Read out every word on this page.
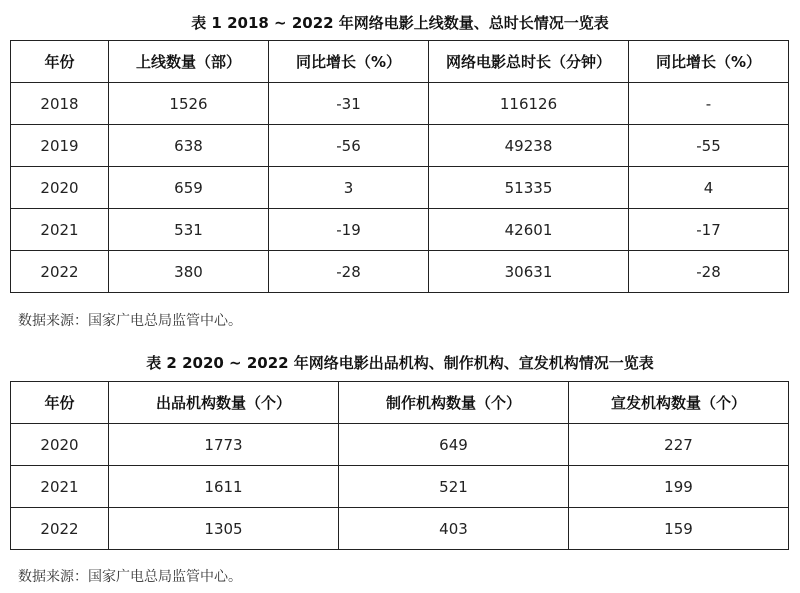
表 1 2018 ~ 2022 年网络电影上线数量、总时长情况一览表
年份	上线数量（部）	同比增长（%）	网络电影总时长（分钟）	同比增长（%）
2018	1526	-31	116126	-
2019	638	-56	49238	-55
2020	659	3	51335	4
2021	531	-19	42601	-17
2022	380	-28	30631	-28
数据来源：国家广电总局监管中心。
表 2 2020 ~ 2022 年网络电影出品机构、制作机构、宣发机构情况一览表
年份	出品机构数量（个）	制作机构数量（个）	宣发机构数量（个）
2020	1773	649	227
2021	1611	521	199
2022	1305	403	159
数据来源：国家广电总局监管中心。
